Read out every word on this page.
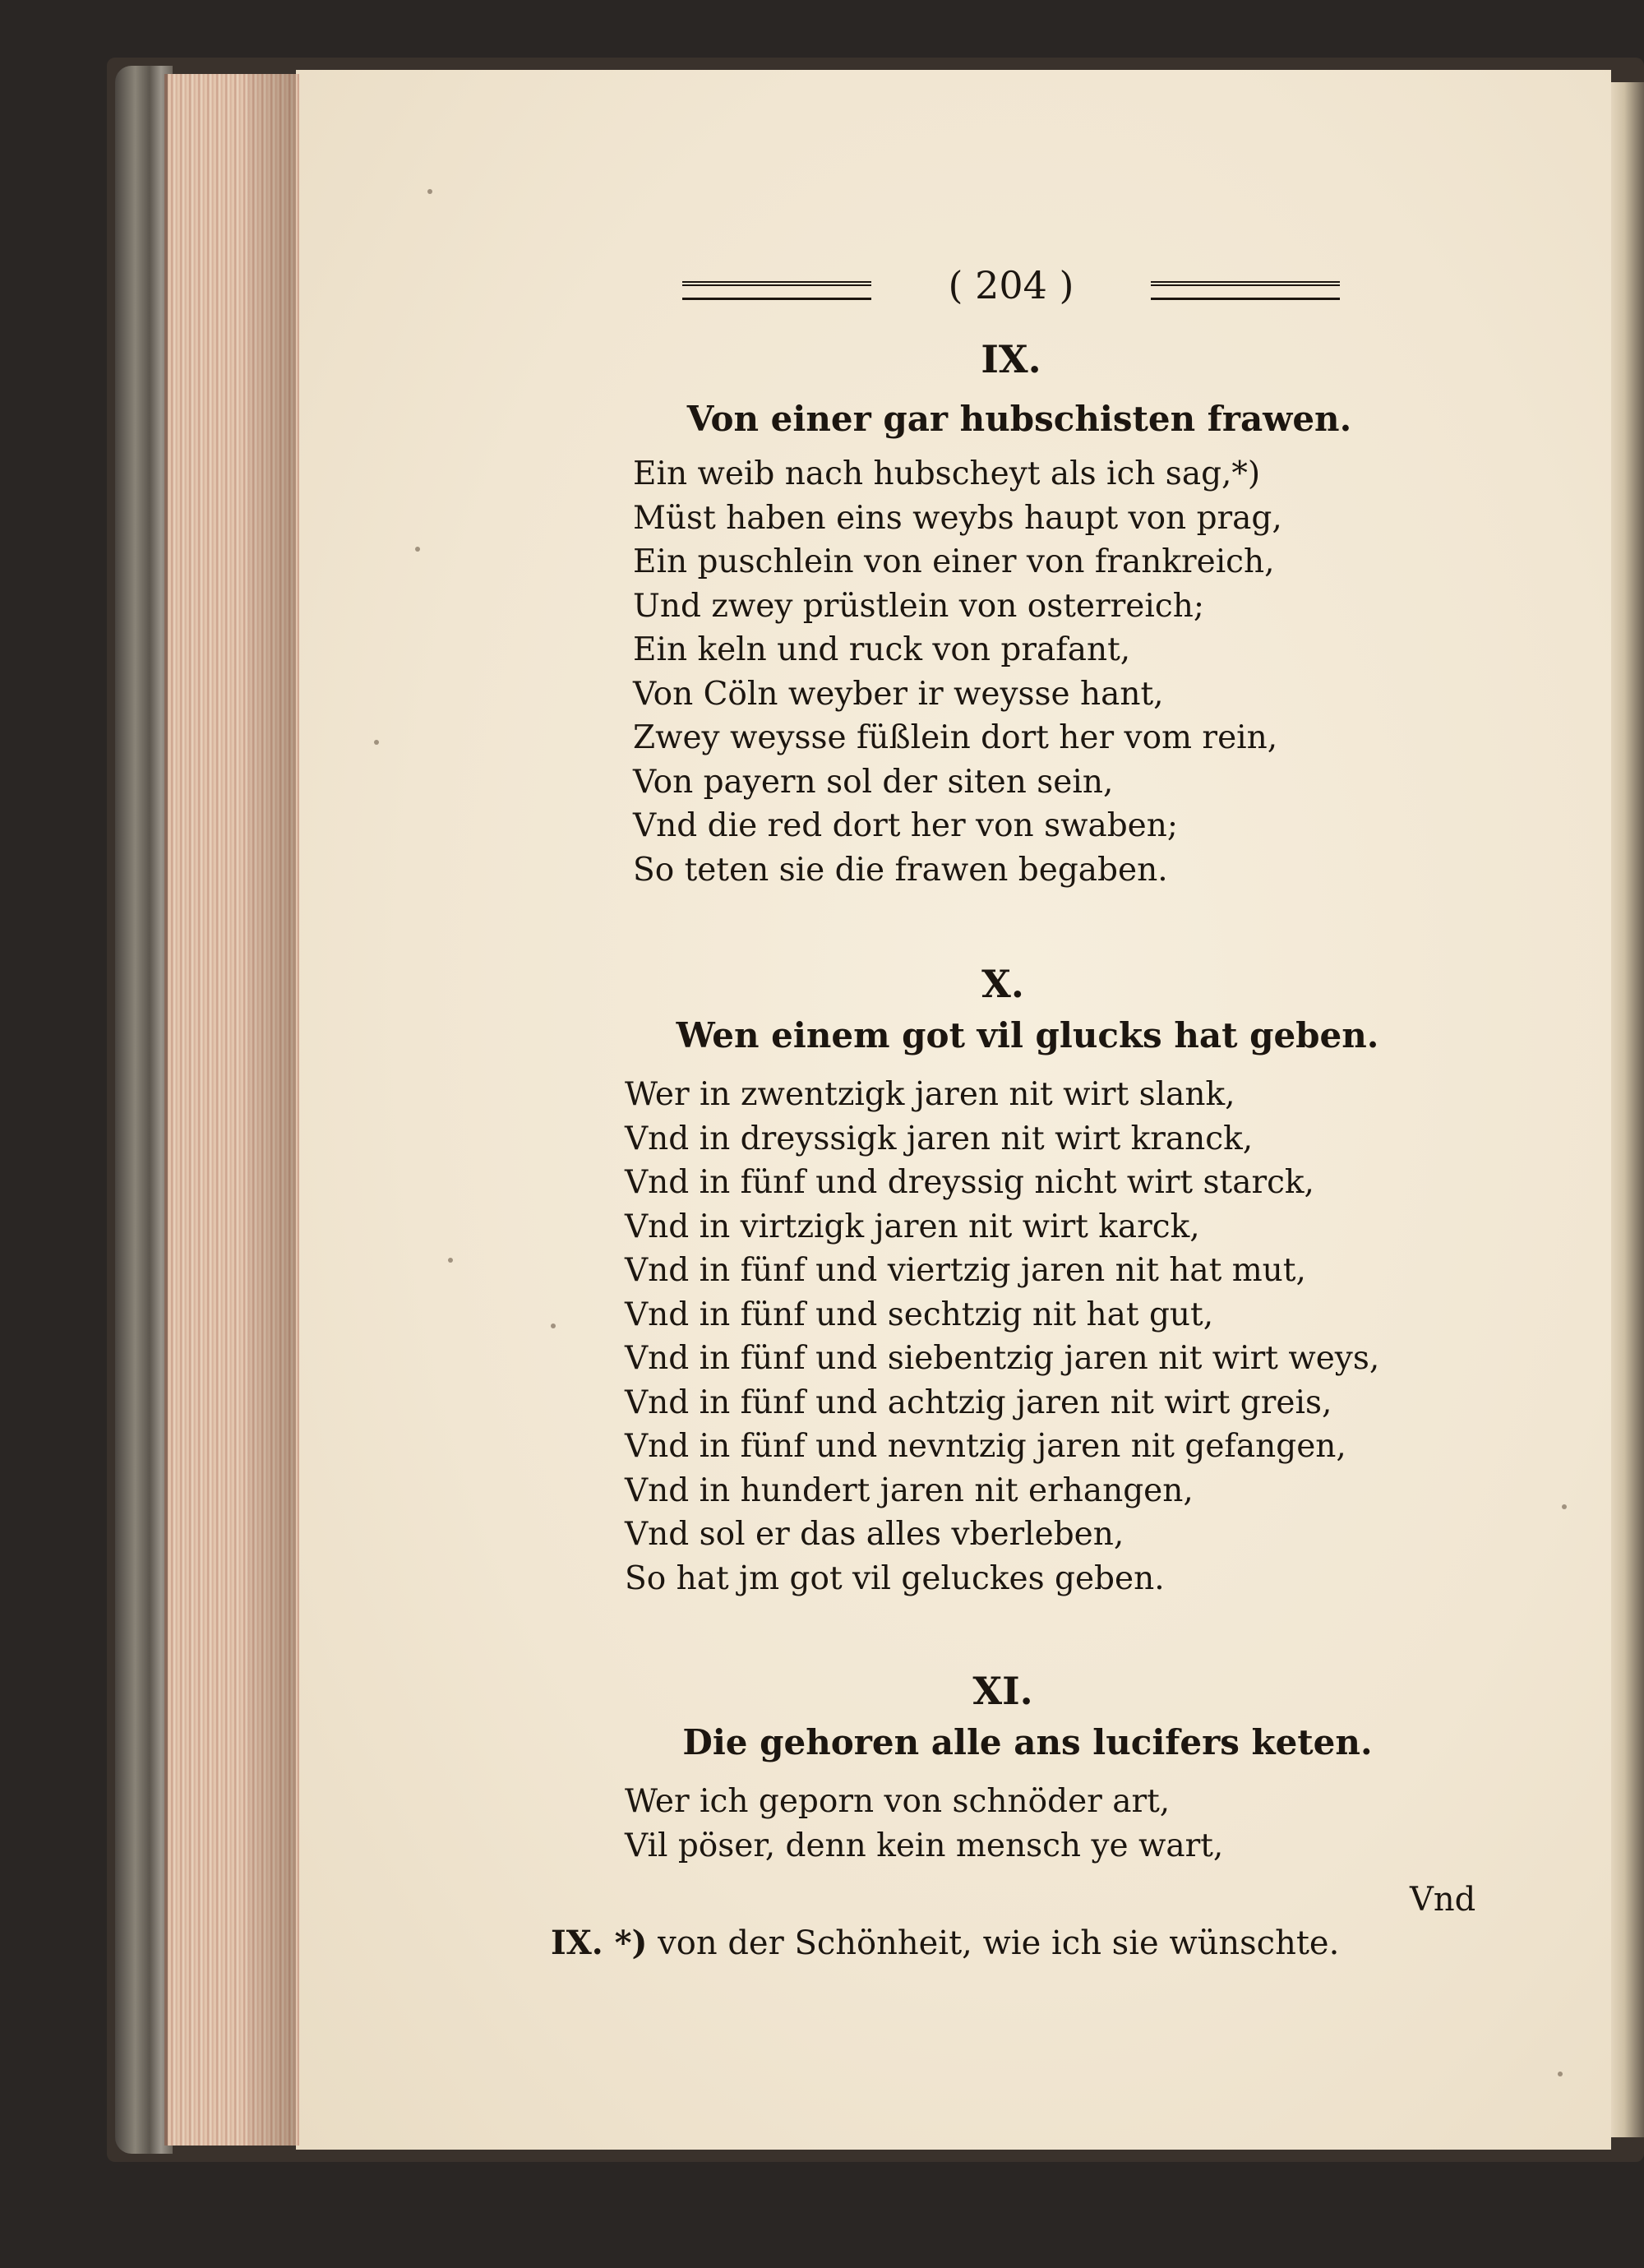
( 204 )
IX.
Von einer gar hubschisten frawen.
Ein weib nach hubscheyt als ich sag,*)
Müst haben eins weybs haupt von prag,
Ein puschlein von einer von frankreich,
Und zwey prüstlein von osterreich;
Ein keln und ruck von prafant,
Von Cöln weyber ir weysse hant,
Zwey weysse füßlein dort her vom rein,
Von payern sol der siten sein,
Vnd die red dort her von swaben;
So teten sie die frawen begaben.
X.
Wen einem got vil glucks hat geben.
Wer in zwentzigk jaren nit wirt slank,
Vnd in dreyssigk jaren nit wirt kranck,
Vnd in fünf und dreyssig nicht wirt starck,
Vnd in virtzigk jaren nit wirt karck,
Vnd in fünf und viertzig jaren nit hat mut,
Vnd in fünf und sechtzig nit hat gut,
Vnd in fünf und siebentzig jaren nit wirt weys,
Vnd in fünf und achtzig jaren nit wirt greis,
Vnd in fünf und nevntzig jaren nit gefangen,
Vnd in hundert jaren nit erhangen,
Vnd sol er das alles vberleben,
So hat jm got vil geluckes geben.
XI.
Die gehoren alle ans lucifers keten.
Wer ich geporn von schnöder art,
Vil pöser, denn kein mensch ye wart,
Vnd
IX. *) von der Schönheit, wie ich sie wünschte.
